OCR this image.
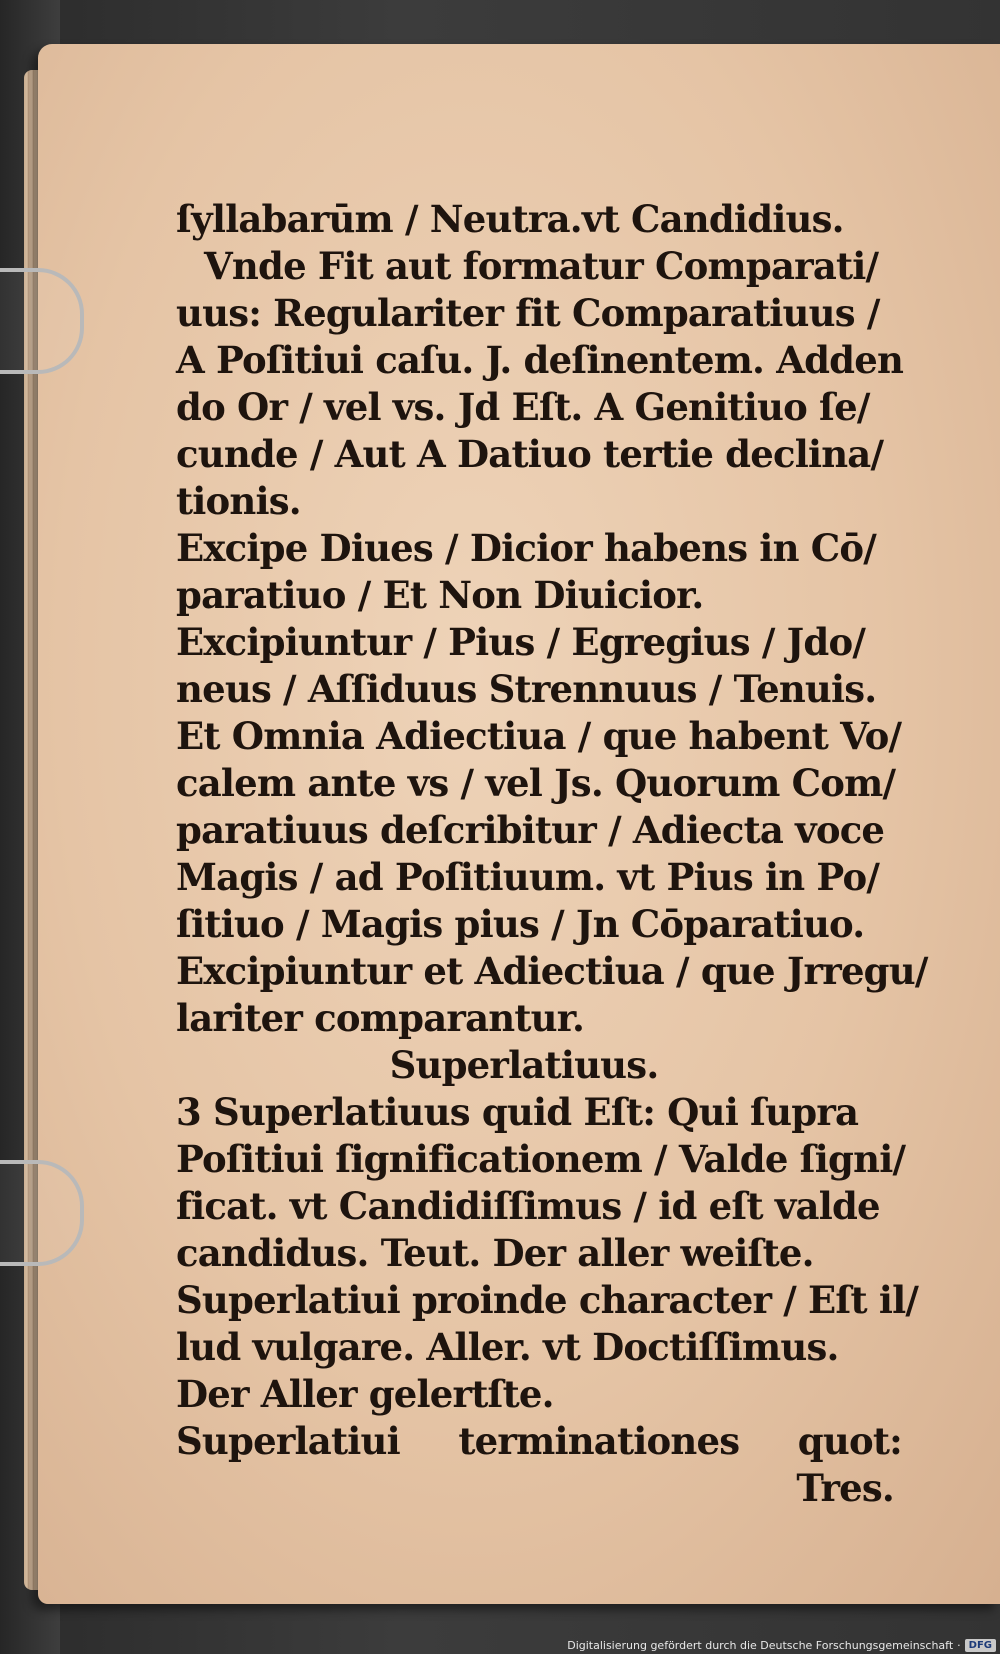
ſyllabarūm / Neutra.vt Candidius.
Vnde Fit aut formatur Comparati/
uus: Regulariter fit Comparatiuus /
A Poſitiui caſu. J. deſinentem. Adden
do Or / vel vs. Jd Eſt. A Genitiuo ſe/
cunde / Aut A Datiuo tertie declina/
tionis.
Excipe Diues / Dicior habens in Cō/
paratiuo / Et Non Diuicior.
Excipiuntur / Pius / Egregius / Jdo/
neus / Aſſiduus Strennuus / Tenuis.
Et Omnia Adiectiua / que habent Vo/
calem ante vs / vel Js. Quorum Com/
paratiuus deſcribitur / Adiecta voce
Magis / ad Poſitiuum. vt Pius in Po/
ſitiuo / Magis pius / Jn Cōparatiuo.
Excipiuntur et Adiectiua / que Jrregu/
lariter comparantur.
Superlatiuus.
3 Superlatiuus quid Eſt: Qui ſupra
Poſitiui ſignificationem / Valde ſigni/
ficat. vt Candidiſſimus / id eſt valde
candidus. Teut. Der aller weiſte.
Superlatiui proinde character / Eſt il/
lud vulgare. Aller. vt Doctiſſimus.
Der Aller gelertſte.
Superlatiui terminationes quot:
Tres.
Digitalisierung gefördert durch die Deutsche Forschungsgemeinschaft · DFG
